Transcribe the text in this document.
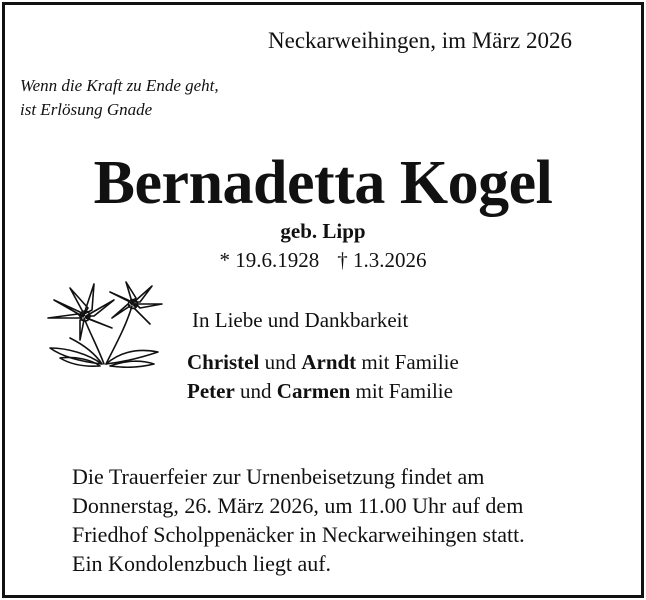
Neckarweihingen, im März 2026
Wenn die Kraft zu Ende geht,
ist Erlösung Gnade
Bernadetta Kogel
geb. Lipp
* 19.6.1928 † 1.3.2026
In Liebe und Dankbarkeit
Christel und Arndt mit Familie
Peter und Carmen mit Familie
Die Trauerfeier zur Urnenbeisetzung findet am
Donnerstag, 26. März 2026, um 11.00 Uhr auf dem
Friedhof Scholppenäcker in Neckarweihingen statt.
Ein Kondolenzbuch liegt auf.
